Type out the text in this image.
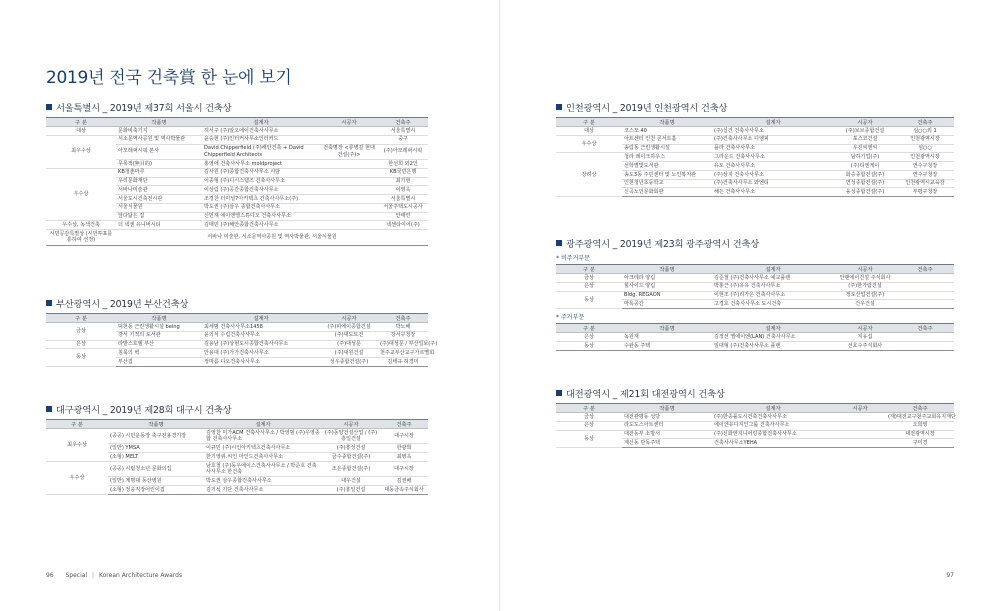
2019년 전국 건축賞 한 눈에 보기
서울특별시 _ 2019년 제37회 서울시 건축상
구 분	작품명	설계자	시공자	건축주
대상	문화비축기지	허서구 (주)알오에이건축사사무소		서울특별시
최우수상	서소문역사공원 및 역사박물관	윤승현 (주)인터커사무소인터커드		중구
	아모레퍼시픽 본사	David Chipperfield (주)해안건축 + David Chipperfield Architects	건축명장 <류병길 현대건설(주)>	(주)아모레퍼시픽
	무목적(無目的)	홍영애 건축사사무소 moldproject		한선희 외2인
우수상	KB청춘마루	김사원 (주)종합건축사사무소 시담		KB국민은행
	우리문화재단	이종형 (주)디시스템즈 건축사사무소		최기현
	서바나미술관	이상림 (주)공간종합건축사사무소		이영옥
	서울도시건축전시관	조경찬 터미널7아키텍츠 건축사사무소(주)		서울특별시
	서울식물원	박도권 (주)삼우 종합건축사사무소		서울주택도시공사
	앞다닮은 집	신민재 에이엔엘스튜디오 건축사사무소		안태린
우수상, 녹색건축	더 넥센 유니버시티	김태민 (주)해안종합건축사사무소		넥센타이어(주)
시민공감특별상 (시민투표를 통하여 선정)	서바나 미술관, 서소문역사공원 및 역사박물관, 서울식물원			
부산광역시 _ 2019년 부산건축상
구 분	작품명	설계자	시공자	건축주
금상	덕천동 근린생활시설 being	최세범 건축사사무소1458	(주)피에이종합건설	박노해
	강서 기적의 도서관	윤의식 수림건축사사무소	(주)대도토건	강서구청장
은상	라발스호텔 부산	김용남 (주)상현도시종합건축사사무소	(주)대성문	(주)대성문 / 부산일보(주)
동상	침묵의 벽	안용대 (주)가가건축사사무소	(주)대원건설	천주교부산교구가르멜회
	부산집	정마름 디오건축사사무소	성우종합건설(주)	김태규·허경미
대구광역시 _ 2019년 제28회 대구시 건축상
구 분	작품명	설계자	시공자	건축주
최우수상	(공공) 시민운동장 축구전용경기장	김영찬 미가ACM 건축사사무소 / 박영범 (주)우영종합 건축사사무소	(주)동양건설산업 / (주)흥일건설	대구시장
	(일반) YMSA	이규민 (주)시인아키텍츠건축사사무소	(주)흥성건설	한광희
	(소형) MELT	한기영위.씨인 마인드건축사사무소	금수종합건설(주)	최병옥
우수상	(공공) 시립청소년 문화의집	남호철 (주)동우에이스건축사사무소 / 박준호 건축사사무소 한건축	조은종합건설(주)	대구시장
	(일반) 계명대 동산병원	박도권 삼우종합건축사사무소	대우건설	김권배
	(소형) 정웅직장어린이집	김기석 기단 건축사사무소	(주)흥일건설	대동금속주식회사
96 Special | Korean Architecture Awards
인천광역시 _ 2019년 인천광역시 건축상
구 분	작품명	설계자	시공자	건축주
대상	코스모 40	(주)실건 건축사사무소	(주)보브종합건설	심○○외 1
우수상	아트센터 인천 콘서트홀	(주)건축사사무소 디엠피	포스코건설	인천광역시장
	송림동 근린생활시설	플라 건축사사무소	우진씨엔씨	심○○
장려상	청라 레이크하우스	그라운드 건축사사무소	남하기업(주)	인천광역시장
	선학별빛도서관	유토 건축사사무소	(주)티엔케이	연수구청장
	송도3동 주민센터 및 노인복지관	(주)상지 건축사사무소	화승종합건설(주)	연수구청장
	인천청년초등학교	(주)건축사사무소 와엔티	연성종합건설(주)	인천광역시교육감
	신곡노인문화회관	해든 건축사사무소	융성종합건설(주)	부평구청장
광주광역시 _ 2019년 제23회 광주광역시 건축상
* 비주거부문
구 분	작품명	설계자	시공자	건축주
금상	아크테라 양림	김준철 (주)건축사사무소 예교플랜	안팬에이건설 주식회사	
은상	힐사이드 양림	박홍근 (주)유유 건축사사무소	(주)한가람건설	
동상	Bldg. REGAON	이현조 (주)리가온 건축사사무소	정도산업건설(주)	
	마록공간	고경호 건축사사무소 도시건축	건우건설	
* 주거부문
구 분	작품명	설계자	시공자	건축주
은상	녹원재	김정선 엘에이엔(LAN) 건축사사무소	지유섭	
동상	수완동 주택	임대형 (주)건축사사무소 플랜	선호수주식회사	
대전광역시 _ 제21회 대전광역시 건축상
구 분	작품명	설계자	시공자	건축주
금상	대전관평동 성당	(주)한종률도시건축건축사사무소		(재)대전교구천주교회유지재단
은상	라도도스아트센터	에이엔유디지인그룹 건축사사무소		오희영
동상	대전동부 소방서	(주)신화엔지니어링종합건축사사무소		대전광역시장
	계신동 단독주택	건축사사무소YEHA		구미경
97
